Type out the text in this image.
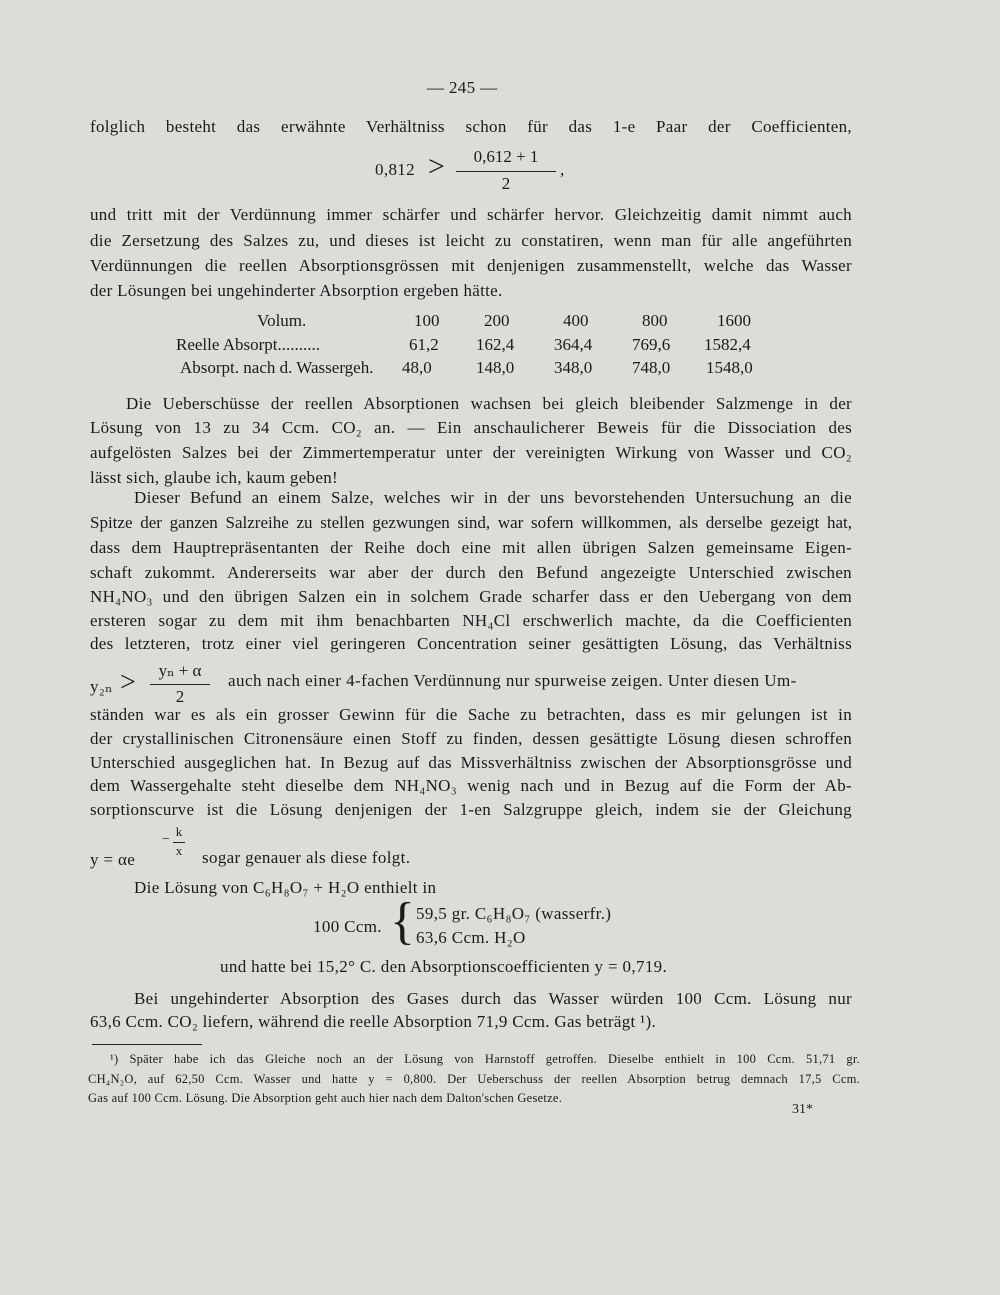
— 245 —
folglich besteht das erwähnte Verhältniss schon für das 1-e Paar der Coefficienten,
0,812 >	0,612 + 1
2
,
und tritt mit der Verdünnung immer schärfer und schärfer hervor. Gleichzeitig damit nimmt auch
die Zersetzung des Salzes zu, und dieses ist leicht zu constatiren, wenn man für alle angeführten
Verdünnungen die reellen Absorptionsgrössen mit denjenigen zusammenstellt, welche das Wasser
der Lösungen bei ungehinderter Absorption ergeben hätte.
Volum.	100	200	400	800	1600
Reelle Absorpt..........	61,2 162,4 364,4 769,6 1582,4
Absorpt. nach d. Wassergeh. 48,0	148,0 348,0 748,0 1548,0
Die Ueberschüsse der reellen Absorptionen wachsen bei gleich bleibender Salzmenge in der
Lösung von 13 zu 34 Ccm. CO₂ an. — Ein anschaulicherer Beweis für die Dissociation des
aufgelösten Salzes bei der Zimmertemperatur unter der vereinigten Wirkung von Wasser und CO₂
lässt sich, glaube ich, kaum geben!
Dieser Befund an einem Salze, welches wir in der uns bevorstehenden Untersuchung an die
Spitze der ganzen Salzreihe zu stellen gezwungen sind, war sofern willkommen, als derselbe gezeigt hat,
dass dem Hauptrepräsentanten der Reihe doch eine mit allen übrigen Salzen gemeinsame Eigen-
schaft zukommt. Andererseits war aber der durch den Befund angezeigte Unterschied zwischen
NH₄NO₃ und den übrigen Salzen ein in solchem Grade scharfer dass er den Uebergang von dem
ersteren sogar zu dem mit ihm benachbarten NH₄Cl erschwerlich machte, da die Coefficienten
des letzteren, trotz einer viel geringeren Concentration seiner gesättigten Lösung, das Verhältniss
y₂ₙ >	yₙ + α
2
auch nach einer 4-fachen Verdünnung nur spurweise zeigen. Unter diesen Um-
ständen war es als ein grosser Gewinn für die Sache zu betrachten, dass es mir gelungen ist in
der crystallinischen Citronensäure einen Stoff zu finden, dessen gesättigte Lösung diesen schroffen
Unterschied ausgeglichen hat. In Bezug auf das Missverhältniss zwischen der Absorptionsgrösse und
dem Wassergehalte steht dieselbe dem NH₄NO₃ wenig nach und in Bezug auf die Form der Ab-
sorptionscurve ist die Lösung denjenigen der 1-en Salzgruppe gleich, indem sie der Gleichung
y = αe
−
k
x sogar genauer als diese folgt.
Die Lösung von C₆H₈O₇ + H₂O enthielt in
100 Ccm. { 59,5 gr. C₆H₈O₇ (wasserfr.)
63,6 Ccm. H₂O
und hatte bei 15,2° C. den Absorptionscoefficienten y = 0,719.
Bei ungehinderter Absorption des Gases durch das Wasser würden 100 Ccm. Lösung nur
63,6 Ccm. CO₂ liefern, während die reelle Absorption 71,9 Ccm. Gas beträgt ¹).
¹) Später habe ich das Gleiche noch an der Lösung von Harnstoff getroffen. Dieselbe enthielt in 100 Ccm. 51,71 gr.
CH₄N₂O, auf 62,50 Ccm. Wasser und hatte y = 0,800. Der Ueberschuss der reellen Absorption betrug demnach 17,5 Ccm.
Gas auf 100 Ccm. Lösung. Die Absorption geht auch hier nach dem Dalton'schen Gesetze.
31*
